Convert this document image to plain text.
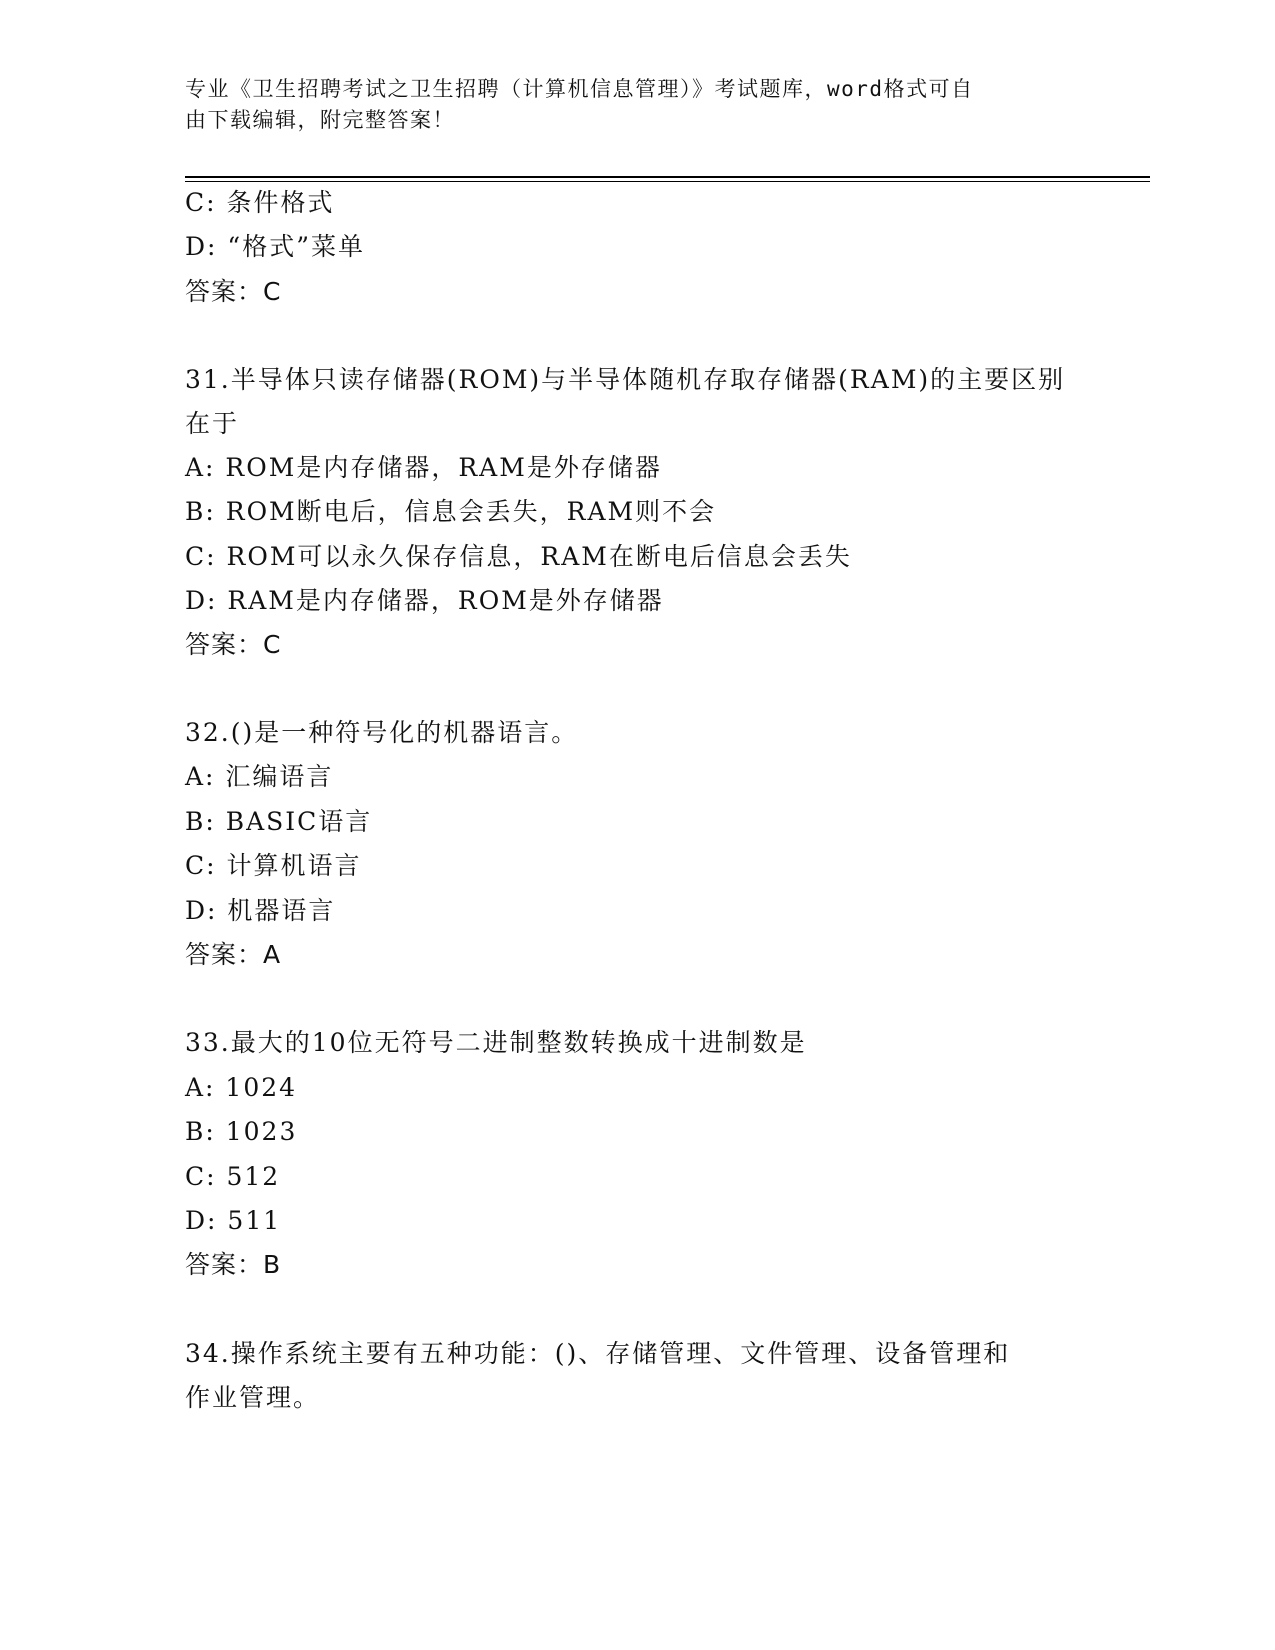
专业《卫生招聘考试之卫生招聘（计算机信息管理）》考试题库，word格式可自
由下载编辑，附完整答案！
C: 条件格式
D: “格式”菜单
答案：C
31.半导体只读存储器(ROM)与半导体随机存取存储器(RAM)的主要区别
在于
A: ROM是内存储器，RAM是外存储器
B: ROM断电后，信息会丢失，RAM则不会
C: ROM可以永久保存信息，RAM在断电后信息会丢失
D: RAM是内存储器，ROM是外存储器
答案：C
32.()是一种符号化的机器语言。
A: 汇编语言
B: BASIC语言
C: 计算机语言
D: 机器语言
答案：A
33.最大的10位无符号二进制整数转换成十进制数是
A: 1024
B: 1023
C: 512
D: 511
答案：B
34.操作系统主要有五种功能：()、存储管理、文件管理、设备管理和
作业管理。
